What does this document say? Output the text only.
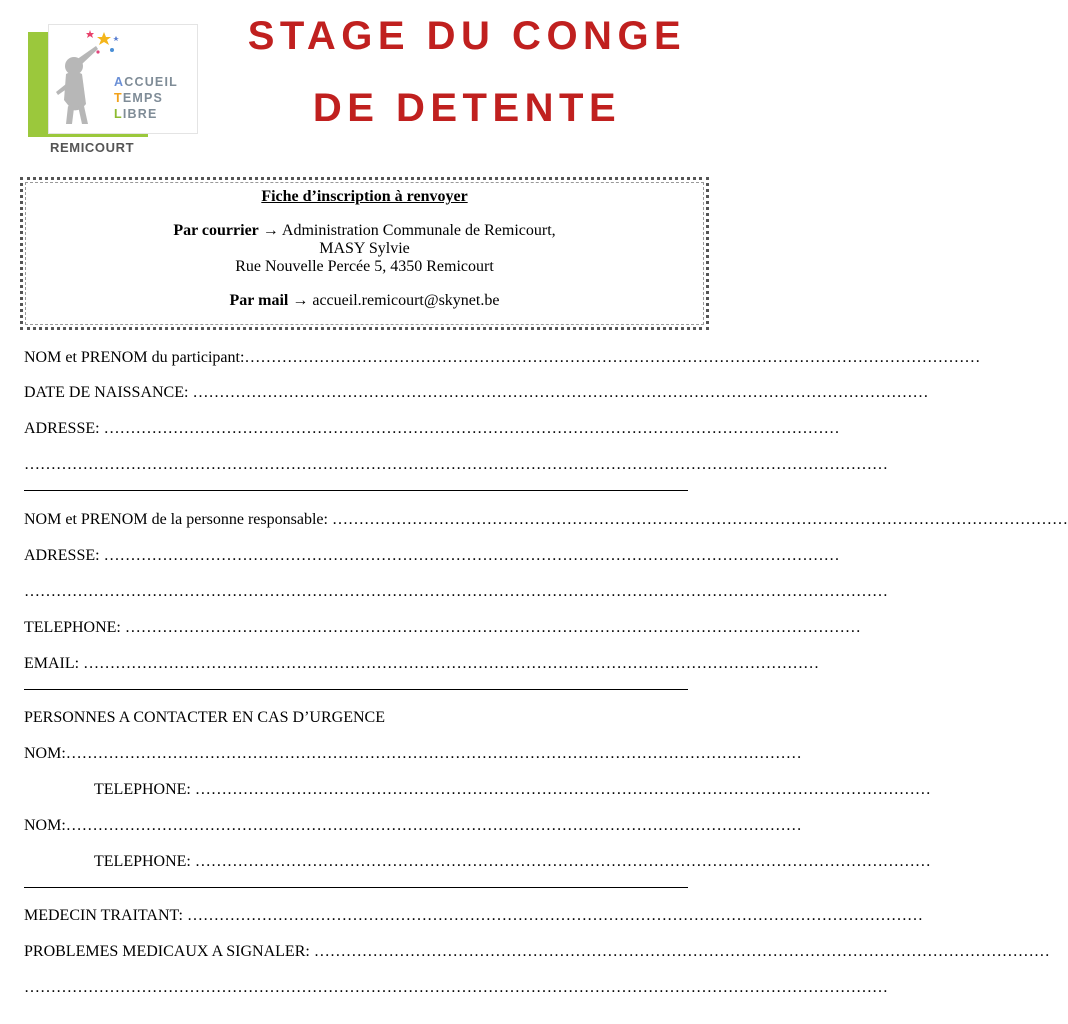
ACCUEIL
TEMPS
LIBRE
REMICOURT
STAGE DU CONGE
DE DETENTE
Fiche d’inscription à renvoyer
Par courrier → Administration Communale de Remicourt,
MASY Sylvie
Rue Nouvelle Percée 5, 4350 Remicourt
Par mail → accueil.remicourt@skynet.be
NOM et PRENOM du participant:…………………………………………………………………………………………………………………………
DATE DE NAISSANCE: …………………………………………………………………………………………………………………………
ADRESSE: …………………………………………………………………………………………………………………………
………………………………………………………………………………………………………………………………………………
NOM et PRENOM de la personne responsable: …………………………………………………………………………………………………………………………
ADRESSE: …………………………………………………………………………………………………………………………
………………………………………………………………………………………………………………………………………………
TELEPHONE: …………………………………………………………………………………………………………………………
EMAIL: …………………………………………………………………………………………………………………………
PERSONNES A CONTACTER EN CAS D’URGENCE
NOM:…………………………………………………………………………………………………………………………
TELEPHONE: …………………………………………………………………………………………………………………………
NOM:…………………………………………………………………………………………………………………………
TELEPHONE: …………………………………………………………………………………………………………………………
MEDECIN TRAITANT: …………………………………………………………………………………………………………………………
PROBLEMES MEDICAUX A SIGNALER: …………………………………………………………………………………………………………………………
………………………………………………………………………………………………………………………………………………
